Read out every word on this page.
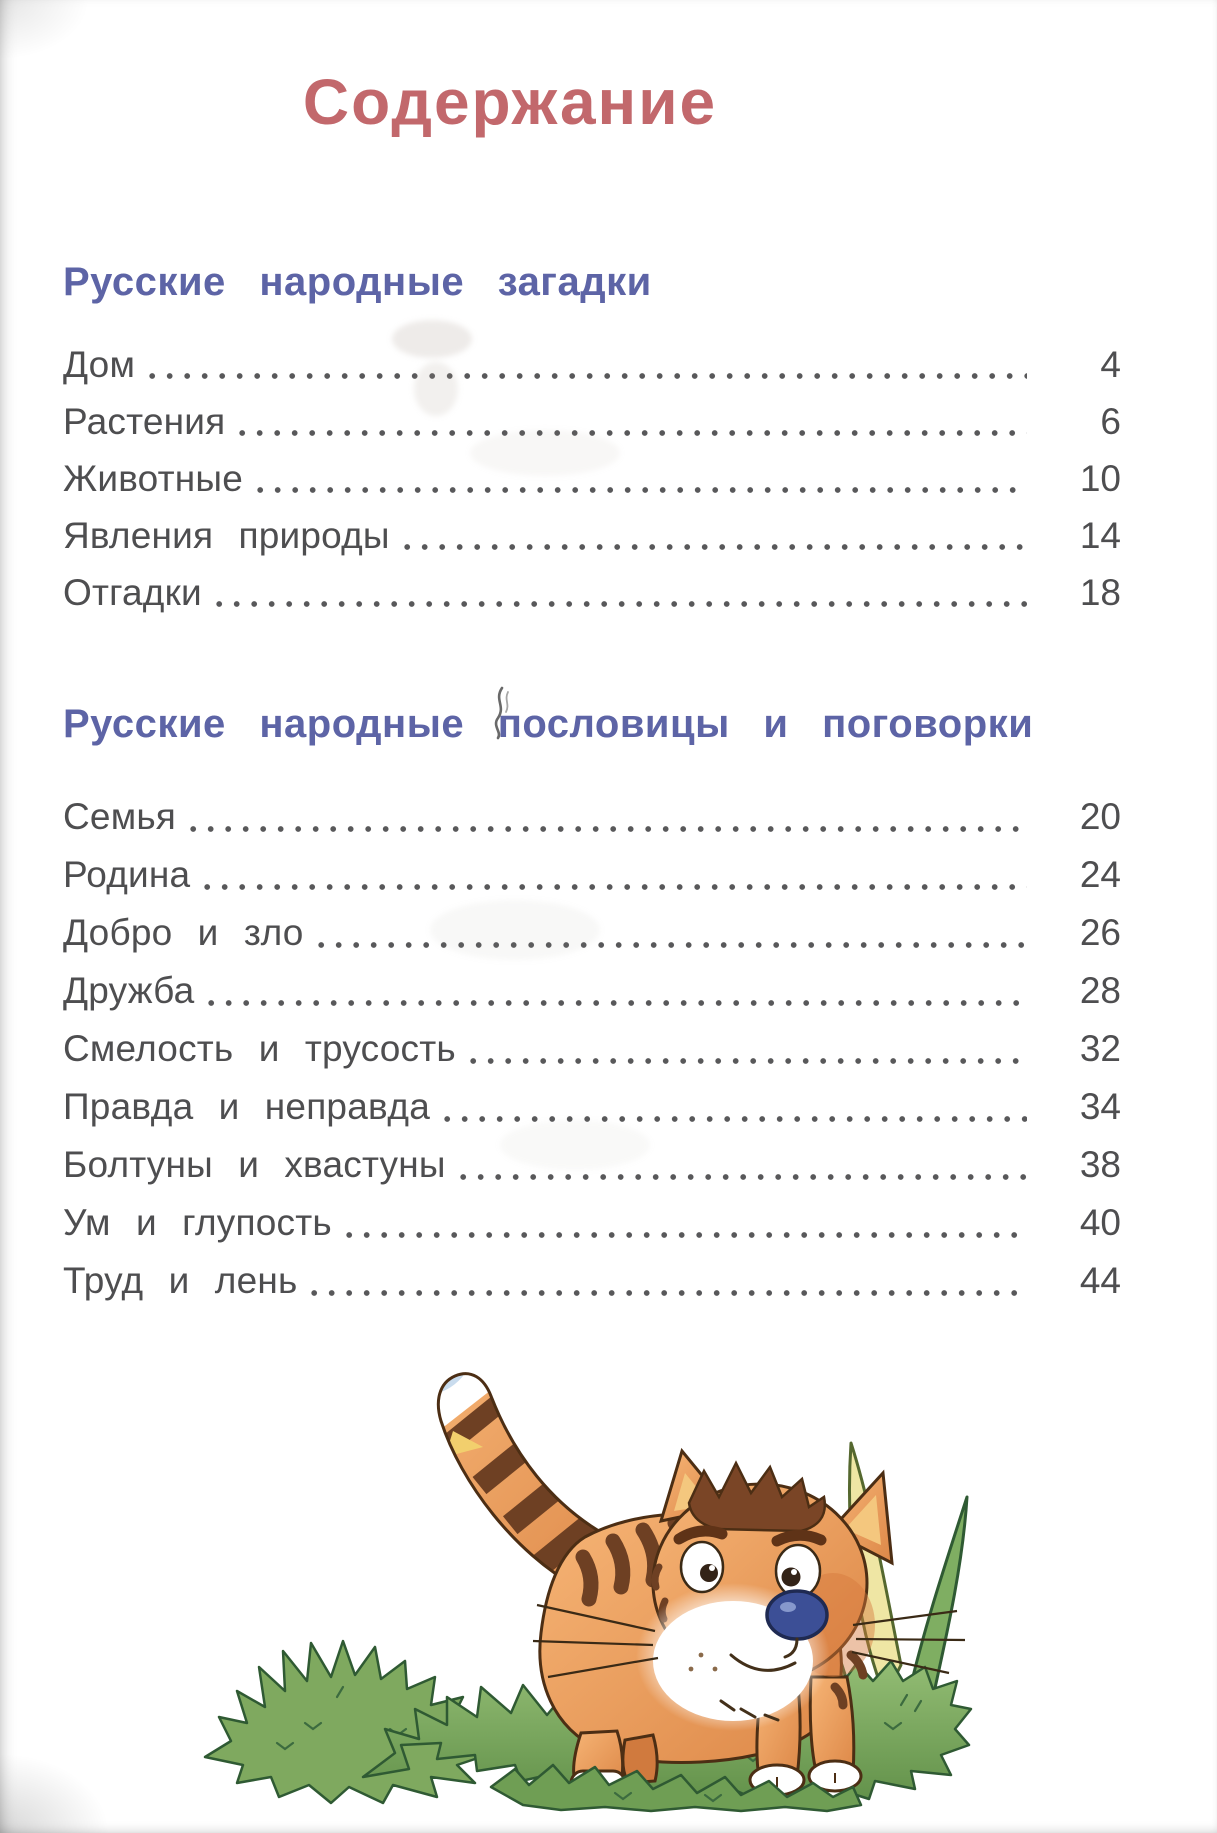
Содержание
Русские народные загадки
Дом	4
Растения	6
Животные	10
Явления природы	14
Отгадки	18
Русские народные пословицы и поговорки
Семья	20
Родина	24
Добро и зло	26
Дружба	28
Смелость и трусость	32
Правда и неправда	34
Болтуны и хвастуны	38
Ум и глупость	40
Труд и лень	44
